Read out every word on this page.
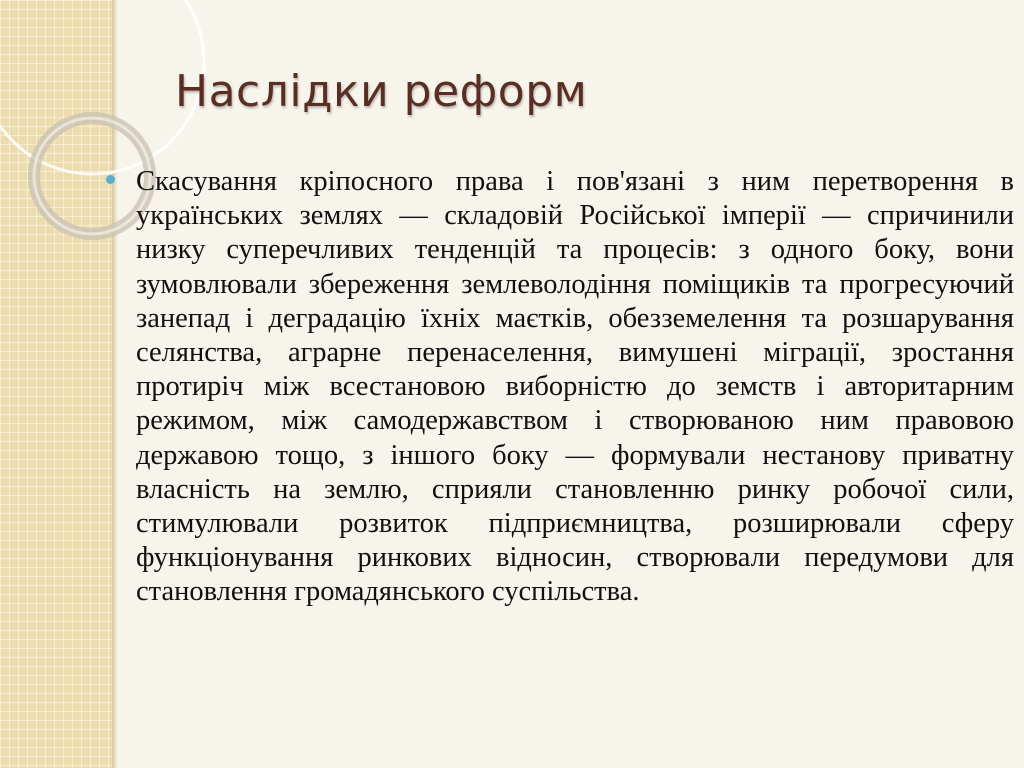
Наслідки реформ

Скасування кріпосного права і пов'язані з ним перетворення в українських землях — складовій Російської імперії — спричинили низку суперечливих тенденцій та процесів: з одного боку, вони зумовлювали збереження землеволодіння поміщиків та прогресуючий занепад і деградацію їхніх маєтків, обезземелення та розшарування селянства, аграрне перенаселення, вимушені міграції, зростання протиріч між всестановою виборністю до земств і авторитарним режимом, між самодержавством і створюваною ним правовою державою тощо, з іншого боку — формували нестанову приватну власність на землю, сприяли становленню ринку робочої сили, стимулювали розвиток підприємництва, розширювали сферу функціонування ринкових відносин, створювали передумови для становлення громадянського суспільства.
